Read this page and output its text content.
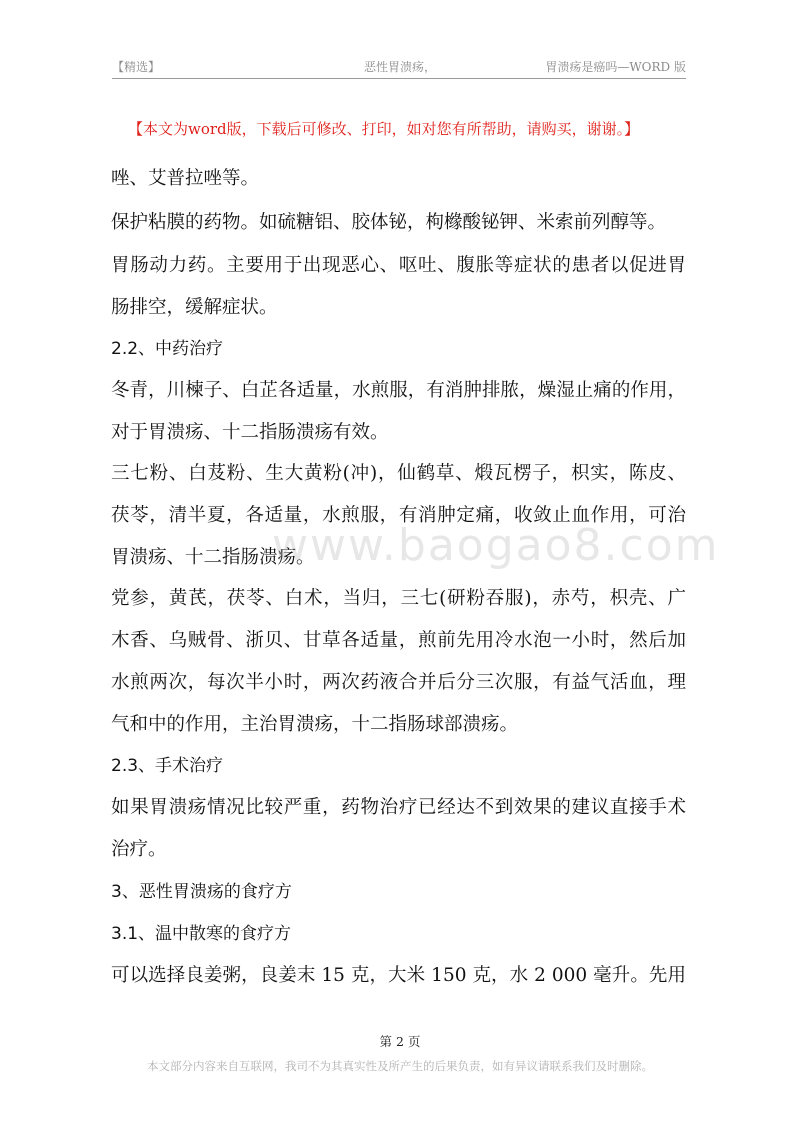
【精选】	恶性胃溃疡，	胃溃疡是癌吗—WORD 版
【本文为word版，下载后可修改、打印，如对您有所帮助，请购买，谢谢。】
唑、艾普拉唑等。
保护粘膜的药物。如硫糖铝、胶体铋，枸橼酸铋钾、米索前列醇等。
胃肠动力药。主要用于出现恶心、呕吐、腹胀等症状的患者以促进胃
肠排空，缓解症状。
2.2、中药治疗
冬青，川楝子、白芷各适量，水煎服，有消肿排脓，燥湿止痛的作用，
对于胃溃疡、十二指肠溃疡有效。
三七粉、白芨粉、生大黄粉(冲)，仙鹤草、煅瓦楞子，枳实，陈皮、
茯苓，清半夏，各适量，水煎服，有消肿定痛，收敛止血作用，可治
胃溃疡、十二指肠溃疡。
党参，黄芪，茯苓、白术，当归，三七(研粉吞服)，赤芍，枳壳、广
木香、乌贼骨、浙贝、甘草各适量，煎前先用冷水泡一小时，然后加
水煎两次，每次半小时，两次药液合并后分三次服，有益气活血，理
气和中的作用，主治胃溃疡，十二指肠球部溃疡。
2.3、手术治疗
如果胃溃疡情况比较严重，药物治疗已经达不到效果的建议直接手术
治疗。
3、恶性胃溃疡的食疗方
3.1、温中散寒的食疗方
可以选择良姜粥，良姜末 15 克，大米 150 克，水 2 000 毫升。先用
www.baogao8.com
第 2 页
本文部分内容来自互联网，我司不为其真实性及所产生的后果负责，如有异议请联系我们及时删除。
